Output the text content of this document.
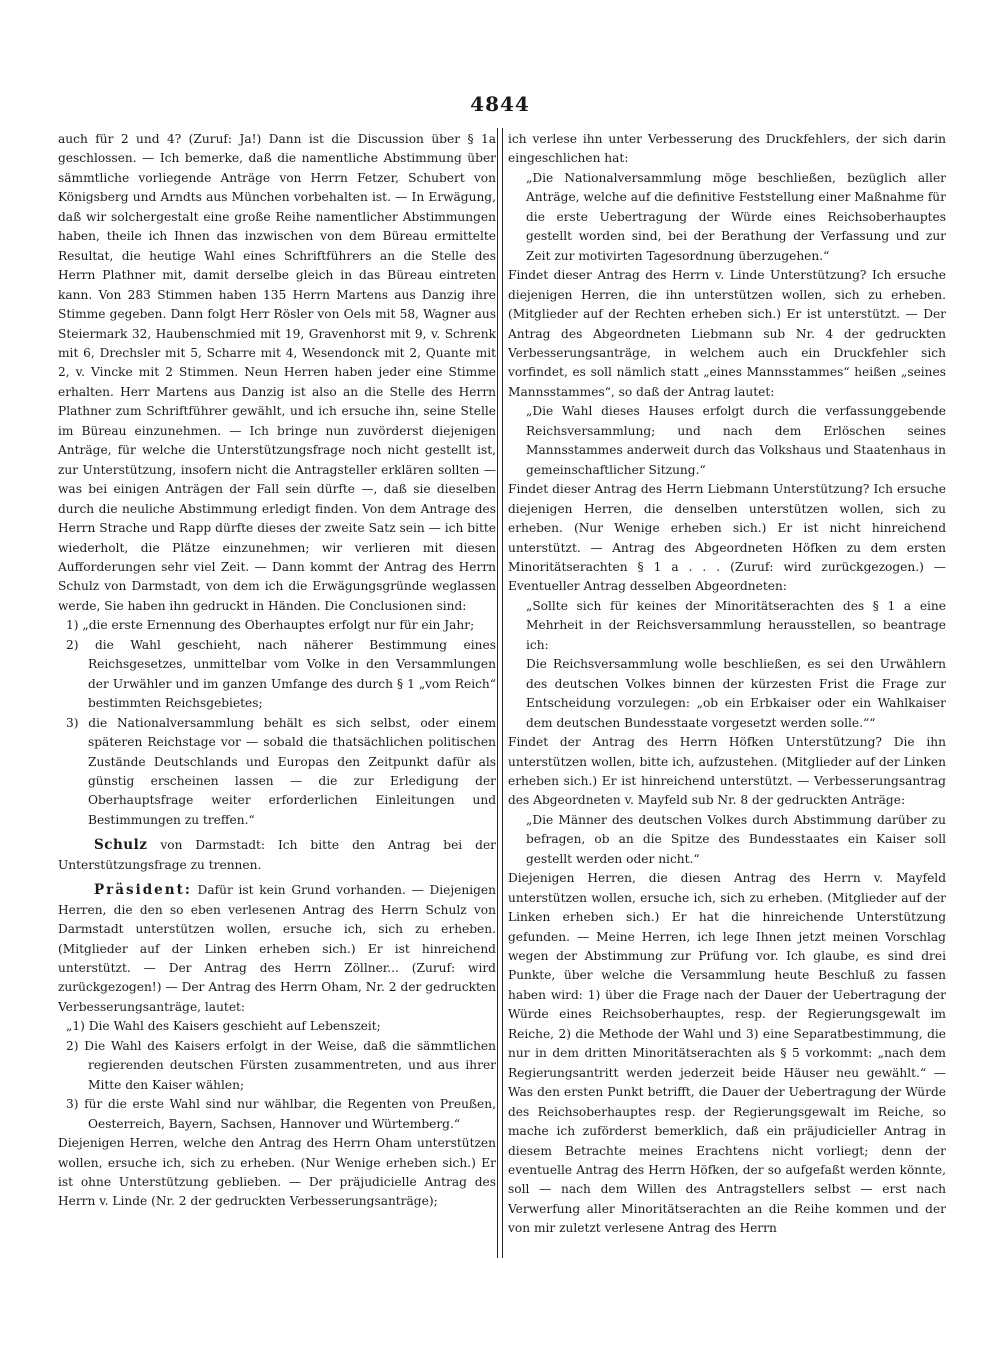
4844

auch für 2 und 4? (Zuruf: Ja!) Dann ist die Discussion über § 1a geschlossen. — Ich bemerke, daß die namentliche Abstimmung über sämmtliche vorliegende Anträge von Herrn Fetzer, Schubert von Königsberg und Arndts aus München vorbehalten ist. — In Erwägung, daß wir solchergestalt eine große Reihe namentlicher Abstimmungen haben, theile ich Ihnen das inzwischen von dem Büreau ermittelte Resultat, die heutige Wahl eines Schriftführers an die Stelle des Herrn Plathner mit, damit derselbe gleich in das Büreau eintreten kann. Von 283 Stimmen haben 135 Herrn Martens aus Danzig ihre Stimme gegeben. Dann folgt Herr Rösler von Oels mit 58, Wagner aus Steiermark 32, Haubenschmied mit 19, Gravenhorst mit 9, v. Schrenk mit 6, Drechsler mit 5, Scharre mit 4, Wesendonck mit 2, Quante mit 2, v. Vincke mit 2 Stimmen. Neun Herren haben jeder eine Stimme erhalten. Herr Martens aus Danzig ist also an die Stelle des Herrn Plathner zum Schriftführer gewählt, und ich ersuche ihn, seine Stelle im Büreau einzunehmen. — Ich bringe nun zuvörderst diejenigen Anträge, für welche die Unterstützungsfrage noch nicht gestellt ist, zur Unterstützung, insofern nicht die Antragsteller erklären sollten — was bei einigen Anträgen der Fall sein dürfte —, daß sie dieselben durch die neuliche Abstimmung erledigt finden. Von dem Antrage des Herrn Strache und Rapp dürfte dieses der zweite Satz sein — ich bitte wiederholt, die Plätze einzunehmen; wir verlieren mit diesen Aufforderungen sehr viel Zeit. — Dann kommt der Antrag des Herrn Schulz von Darmstadt, von dem ich die Erwägungsgründe weglassen werde, Sie haben ihn gedruckt in Händen. Die Conclusionen sind:

1) „die erste Ernennung des Oberhauptes erfolgt nur für ein Jahr;

2) die Wahl geschieht, nach näherer Bestimmung eines Reichsgesetzes, unmittelbar vom Volke in den Versammlungen der Urwähler und im ganzen Umfange des durch § 1 „vom Reich“ bestimmten Reichsgebietes;

3) die Nationalversammlung behält es sich selbst, oder einem späteren Reichstage vor — sobald die thatsächlichen politischen Zustände Deutschlands und Europas den Zeitpunkt dafür als günstig erscheinen lassen — die zur Erledigung der Oberhauptsfrage weiter erforderlichen Einleitungen und Bestimmungen zu treffen.“

Schulz von Darmstadt: Ich bitte den Antrag bei der Unterstützungsfrage zu trennen.

Präsident: Dafür ist kein Grund vorhanden. — Diejenigen Herren, die den so eben verlesenen Antrag des Herrn Schulz von Darmstadt unterstützen wollen, ersuche ich, sich zu erheben. (Mitglieder auf der Linken erheben sich.) Er ist hinreichend unterstützt. — Der Antrag des Herrn Zöllner... (Zuruf: wird zurückgezogen!) — Der Antrag des Herrn Oham, Nr. 2 der gedruckten Verbesserungsanträge, lautet:

„1) Die Wahl des Kaisers geschieht auf Lebenszeit;

2) Die Wahl des Kaisers erfolgt in der Weise, daß die sämmtlichen regierenden deutschen Fürsten zusammentreten, und aus ihrer Mitte den Kaiser wählen;

3) für die erste Wahl sind nur wählbar, die Regenten von Preußen, Oesterreich, Bayern, Sachsen, Hannover und Würtemberg.“

Diejenigen Herren, welche den Antrag des Herrn Oham unterstützen wollen, ersuche ich, sich zu erheben. (Nur Wenige erheben sich.) Er ist ohne Unterstützung geblieben. — Der präjudicielle Antrag des Herrn v. Linde (Nr. 2 der gedruckten Verbesserungsanträge);

ich verlese ihn unter Verbesserung des Druckfehlers, der sich darin eingeschlichen hat:

„Die Nationalversammlung möge beschließen, bezüglich aller Anträge, welche auf die definitive Feststellung einer Maßnahme für die erste Uebertragung der Würde eines Reichsoberhauptes gestellt worden sind, bei der Berathung der Verfassung und zur Zeit zur motivirten Tagesordnung überzugehen.“

Findet dieser Antrag des Herrn v. Linde Unterstützung? Ich ersuche diejenigen Herren, die ihn unterstützen wollen, sich zu erheben. (Mitglieder auf der Rechten erheben sich.) Er ist unterstützt. — Der Antrag des Abgeordneten Liebmann sub Nr. 4 der gedruckten Verbesserungsanträge, in welchem auch ein Druckfehler sich vorfindet, es soll nämlich statt „eines Mannsstammes“ heißen „seines Mannsstammes“, so daß der Antrag lautet:

„Die Wahl dieses Hauses erfolgt durch die verfassunggebende Reichsversammlung; und nach dem Erlöschen seines Mannsstammes anderweit durch das Volkshaus und Staatenhaus in gemeinschaftlicher Sitzung.“

Findet dieser Antrag des Herrn Liebmann Unterstützung? Ich ersuche diejenigen Herren, die denselben unterstützen wollen, sich zu erheben. (Nur Wenige erheben sich.) Er ist nicht hinreichend unterstützt. — Antrag des Abgeordneten Höfken zu dem ersten Minoritätserachten § 1 a . . . (Zuruf: wird zurückgezogen.) — Eventueller Antrag desselben Abgeordneten:

„Sollte sich für keines der Minoritätserachten des § 1 a eine Mehrheit in der Reichsversammlung herausstellen, so beantrage ich:

Die Reichsversammlung wolle beschließen, es sei den Urwählern des deutschen Volkes binnen der kürzesten Frist die Frage zur Entscheidung vorzulegen: „ob ein Erbkaiser oder ein Wahlkaiser dem deutschen Bundesstaate vorgesetzt werden solle.““

Findet der Antrag des Herrn Höfken Unterstützung? Die ihn unterstützen wollen, bitte ich, aufzustehen. (Mitglieder auf der Linken erheben sich.) Er ist hinreichend unterstützt. — Verbesserungsantrag des Abgeordneten v. Mayfeld sub Nr. 8 der gedruckten Anträge:

„Die Männer des deutschen Volkes durch Abstimmung darüber zu befragen, ob an die Spitze des Bundesstaates ein Kaiser soll gestellt werden oder nicht.“

Diejenigen Herren, die diesen Antrag des Herrn v. Mayfeld unterstützen wollen, ersuche ich, sich zu erheben. (Mitglieder auf der Linken erheben sich.) Er hat die hinreichende Unterstützung gefunden. — Meine Herren, ich lege Ihnen jetzt meinen Vorschlag wegen der Abstimmung zur Prüfung vor. Ich glaube, es sind drei Punkte, über welche die Versammlung heute Beschluß zu fassen haben wird: 1) über die Frage nach der Dauer der Uebertragung der Würde eines Reichsoberhauptes, resp. der Regierungsgewalt im Reiche, 2) die Methode der Wahl und 3) eine Separatbestimmung, die nur in dem dritten Minoritätserachten als § 5 vorkommt: „nach dem Regierungsantritt werden jederzeit beide Häuser neu gewählt.“ — Was den ersten Punkt betrifft, die Dauer der Uebertragung der Würde des Reichsoberhauptes resp. der Regierungsgewalt im Reiche, so mache ich zuförderst bemerklich, daß ein präjudicieller Antrag in diesem Betrachte meines Erachtens nicht vorliegt; denn der eventuelle Antrag des Herrn Höfken, der so aufgefaßt werden könnte, soll — nach dem Willen des Antragstellers selbst — erst nach Verwerfung aller Minoritätserachten an die Reihe kommen und der von mir zuletzt verlesene Antrag des Herrn
